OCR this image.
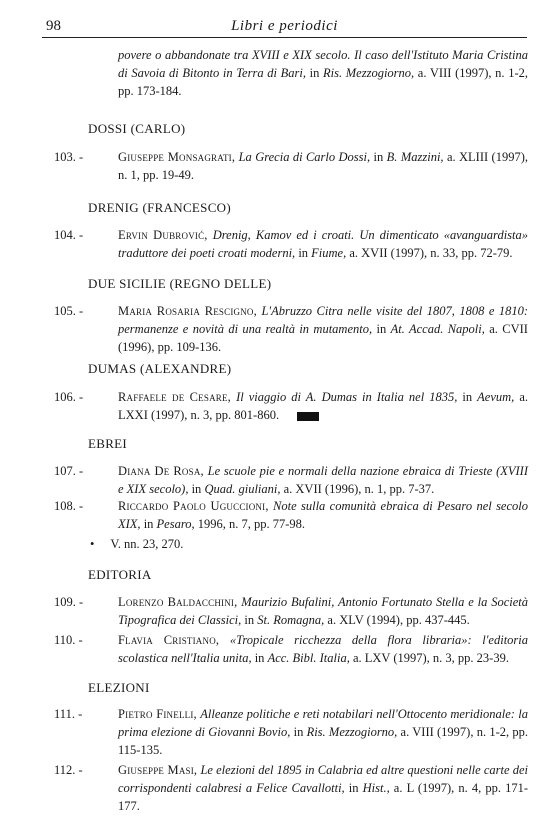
98	Libri e periodici
povere o abbandonate tra XVIII e XIX secolo. Il caso dell'Istituto Maria Cristina di Savoia di Bitonto in Terra di Bari, in Ris. Mezzogiorno, a. VIII (1997), n. 1-2, pp. 173-184.
DOSSI (CARLO)
103. -	Giuseppe Monsagrati, La Grecia di Carlo Dossi, in B. Mazzini, a. XLIII (1997), n. 1, pp. 19-49.
DRENIG (FRANCESCO)
104. -	Ervin Dubrović, Drenig, Kamov ed i croati. Un dimenticato «avanguardista» traduttore dei poeti croati moderni, in Fiume, a. XVII (1997), n. 33, pp. 72-79.
DUE SICILIE (REGNO DELLE)
105. -	Maria Rosaria Rescigno, L'Abruzzo Citra nelle visite del 1807, 1808 e 1810: permanenze e novità di una realtà in mutamento, in At. Accad. Napoli, a. CVII (1996), pp. 109-136.
DUMAS (ALEXANDRE)
106. -	Raffaele de Cesare, Il viaggio di A. Dumas in Italia nel 1835, in Aevum, a. LXXI (1997), n. 3, pp. 801-860.
EBREI
107. -	Diana De Rosa, Le scuole pie e normali della nazione ebraica di Trieste (XVIII e XIX secolo), in Quad. giuliani, a. XVII (1996), n. 1, pp. 7-37.
108. -	Riccardo Paolo Uguccioni, Note sulla comunità ebraica di Pesaro nel secolo XIX, in Pesaro, 1996, n. 7, pp. 77-98.
• V. nn. 23, 270.
EDITORIA
109. -	Lorenzo Baldacchini, Maurizio Bufalini, Antonio Fortunato Stella e la Società Tipografica dei Classici, in St. Romagna, a. XLV (1994), pp. 437-445.
110. -	Flavia Cristiano, «Tropicale ricchezza della flora libraria»: l'editoria scolastica nell'Italia unita, in Acc. Bibl. Italia, a. LXV (1997), n. 3, pp. 23-39.
ELEZIONI
111. -	Pietro Finelli, Alleanze politiche e reti notabilari nell'Ottocento meridionale: la prima elezione di Giovanni Bovio, in Ris. Mezzogiorno, a. VIII (1997), n. 1-2, pp. 115-135.
112. -	Giuseppe Masi, Le elezioni del 1895 in Calabria ed altre questioni nelle carte dei corrispondenti calabresi a Felice Cavallotti, in Hist., a. L (1997), n. 4, pp. 171-177.
